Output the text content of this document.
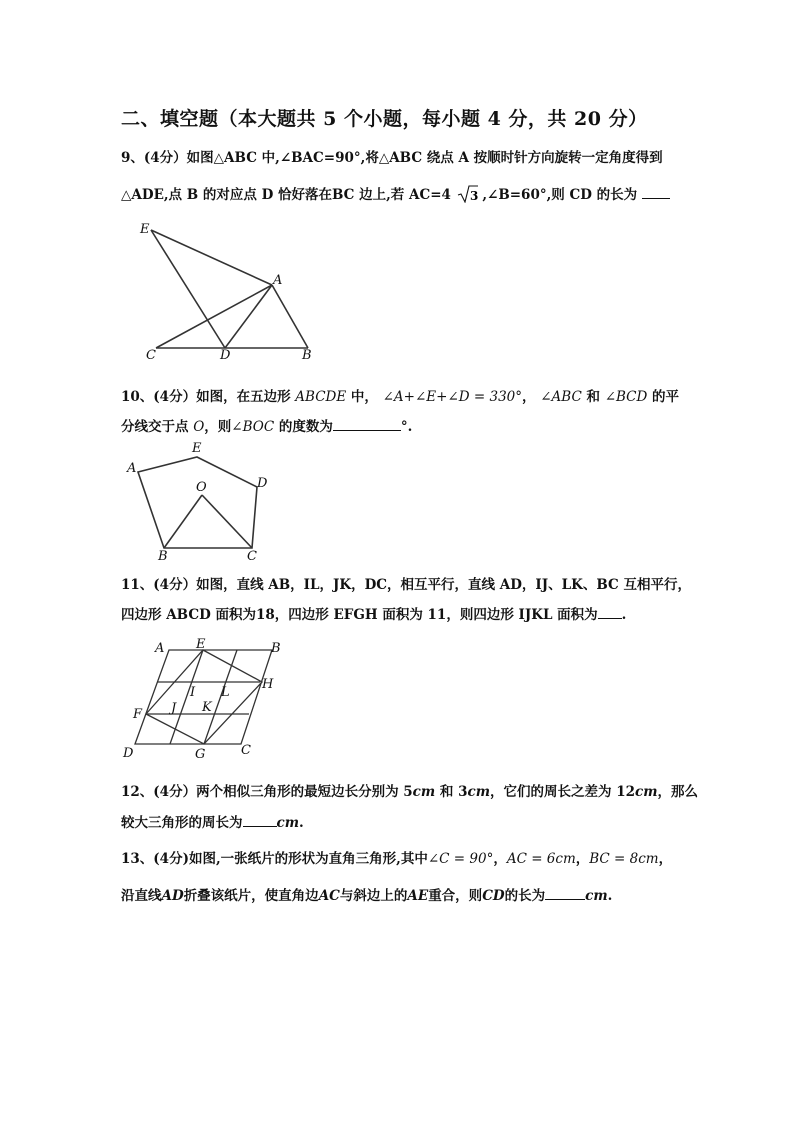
二、填空题（本大题共 5 个小题，每小题 4 分，共 20 分）
9、(4分）如图△ABC 中,∠BAC=90°,将△ABC 绕点 A 按顺时针方向旋转一定角度得到
△ADE,点 B 的对应点 D 恰好落在BC 边上,若 AC=4 3 ,∠B=60°,则 CD 的长为
E
A
C	D	B
10、(4分）如图，在五边形 ABCDE 中， ∠A+∠E+∠D = 330°， ∠ABC 和 ∠BCD 的平
分线交于点 O，则∠BOC 的度数为	°.
A
E
D
O
B	C
11、(4分）如图，直线 AB，IL，JK，DC，相互平行，直线 AD，IJ、LK、BC 互相平行，
四边形 ABCD 面积为18，四边形 EFGH 面积为 11，则四边形 IJKL 面积为 .
A E	B
H
I L
F J K
D	G	C
12、(4分）两个相似三角形的最短边长分别为 5cm 和 3cm，它们的周长之差为 12cm，那么
较大三角形的周长为	cm.
13、(4分)如图,一张纸片的形状为直角三角形,其中∠C = 90°，AC = 6cm，BC = 8cm，
沿直线AD折叠该纸片，使直角边AC与斜边上的AE重合，则CD的长为	cm.
